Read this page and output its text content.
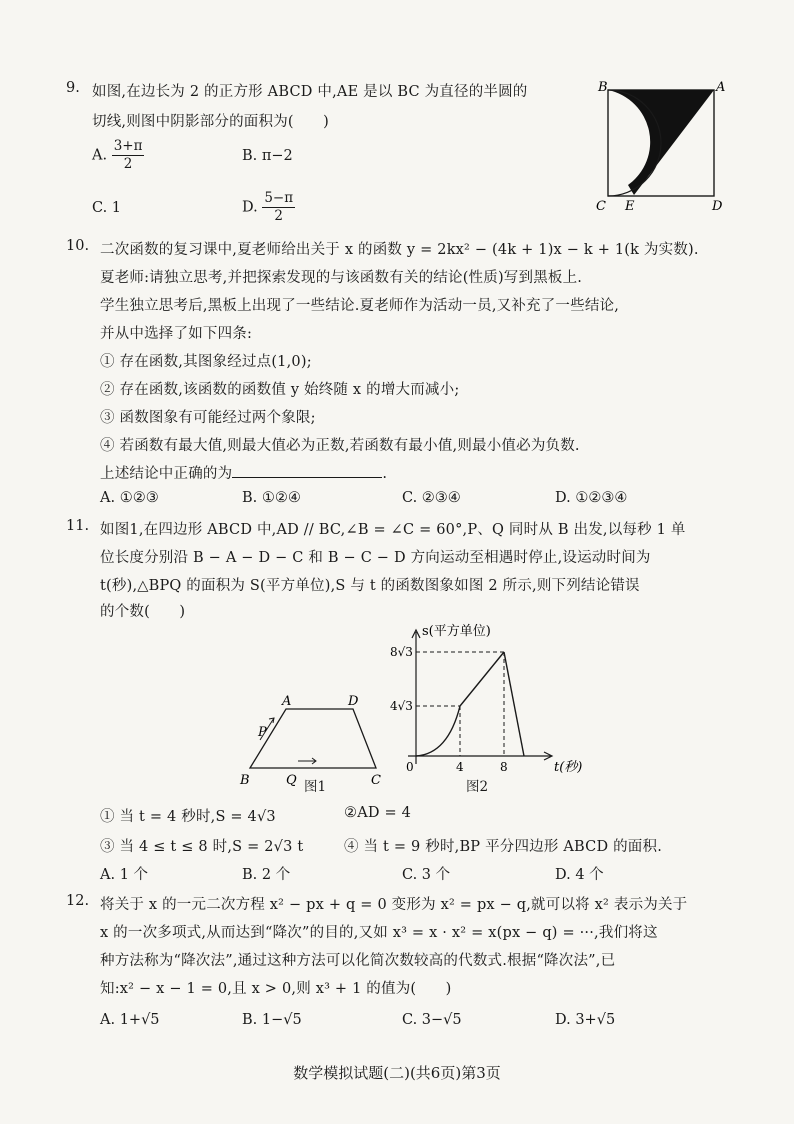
9. 如图,在边长为 2 的正方形 ABCD 中,AE 是以 BC 为直径的半圆的
切线,则图中阴影部分的面积为(　　)
A. $\frac{3+\pi}{2}$	B. π−2
C. 1	D. $\frac{5-\pi}{2}$
B	A
C E	D
10. 二次函数的复习课中,夏老师给出关于 x 的函数 y = 2kx² − (4k + 1)x − k + 1(k 为实数).
夏老师:请独立思考,并把探索发现的与该函数有关的结论(性质)写到黑板上.
学生独立思考后,黑板上出现了一些结论.夏老师作为活动一员,又补充了一些结论,
并从中选择了如下四条:
① 存在函数,其图象经过点(1,0);
② 存在函数,该函数的函数值 y 始终随 x 的增大而减小;
③ 函数图象有可能经过两个象限;
④ 若函数有最大值,则最大值必为正数,若函数有最小值,则最小值必为负数.
上述结论中正确的为	.
A. ①②③	B. ①②④	C. ②③④	D. ①②③④
11. 如图1,在四边形 ABCD 中,AD // BC,∠B = ∠C = 60°,P、Q 同时从 B 出发,以每秒 1 单
位长度分别沿 B − A − D − C 和 B − C − D 方向运动至相遇时停止,设运动时间为
t(秒),△BPQ 的面积为 S(平方单位),S 与 t 的函数图象如图 2 所示,则下列结论错误
的个数(　　)
A	D
P
B	Q	C
图1
s(平方单位)
8√3
4√3
0	4	8	t(秒)
图2
① 当 t = 4 秒时,S = 4√3	②AD = 4
③ 当 4 ≤ t ≤ 8 时,S = 2√3 t	④ 当 t = 9 秒时,BP 平分四边形 ABCD 的面积.
A. 1 个	B. 2 个	C. 3 个	D. 4 个
12. 将关于 x 的一元二次方程 x² − px + q = 0 变形为 x² = px − q,就可以将 x² 表示为关于
x 的一次多项式,从而达到“降次”的目的,又如 x³ = x · x² = x(px − q) = ···,我们将这
种方法称为“降次法”,通过这种方法可以化简次数较高的代数式.根据“降次法”,已
知:x² − x − 1 = 0,且 x > 0,则 x³ + 1 的值为(　　)
A. 1+√5	B. 1−√5	C. 3−√5	D. 3+√5
数学模拟试题(二)(共6页)第3页
